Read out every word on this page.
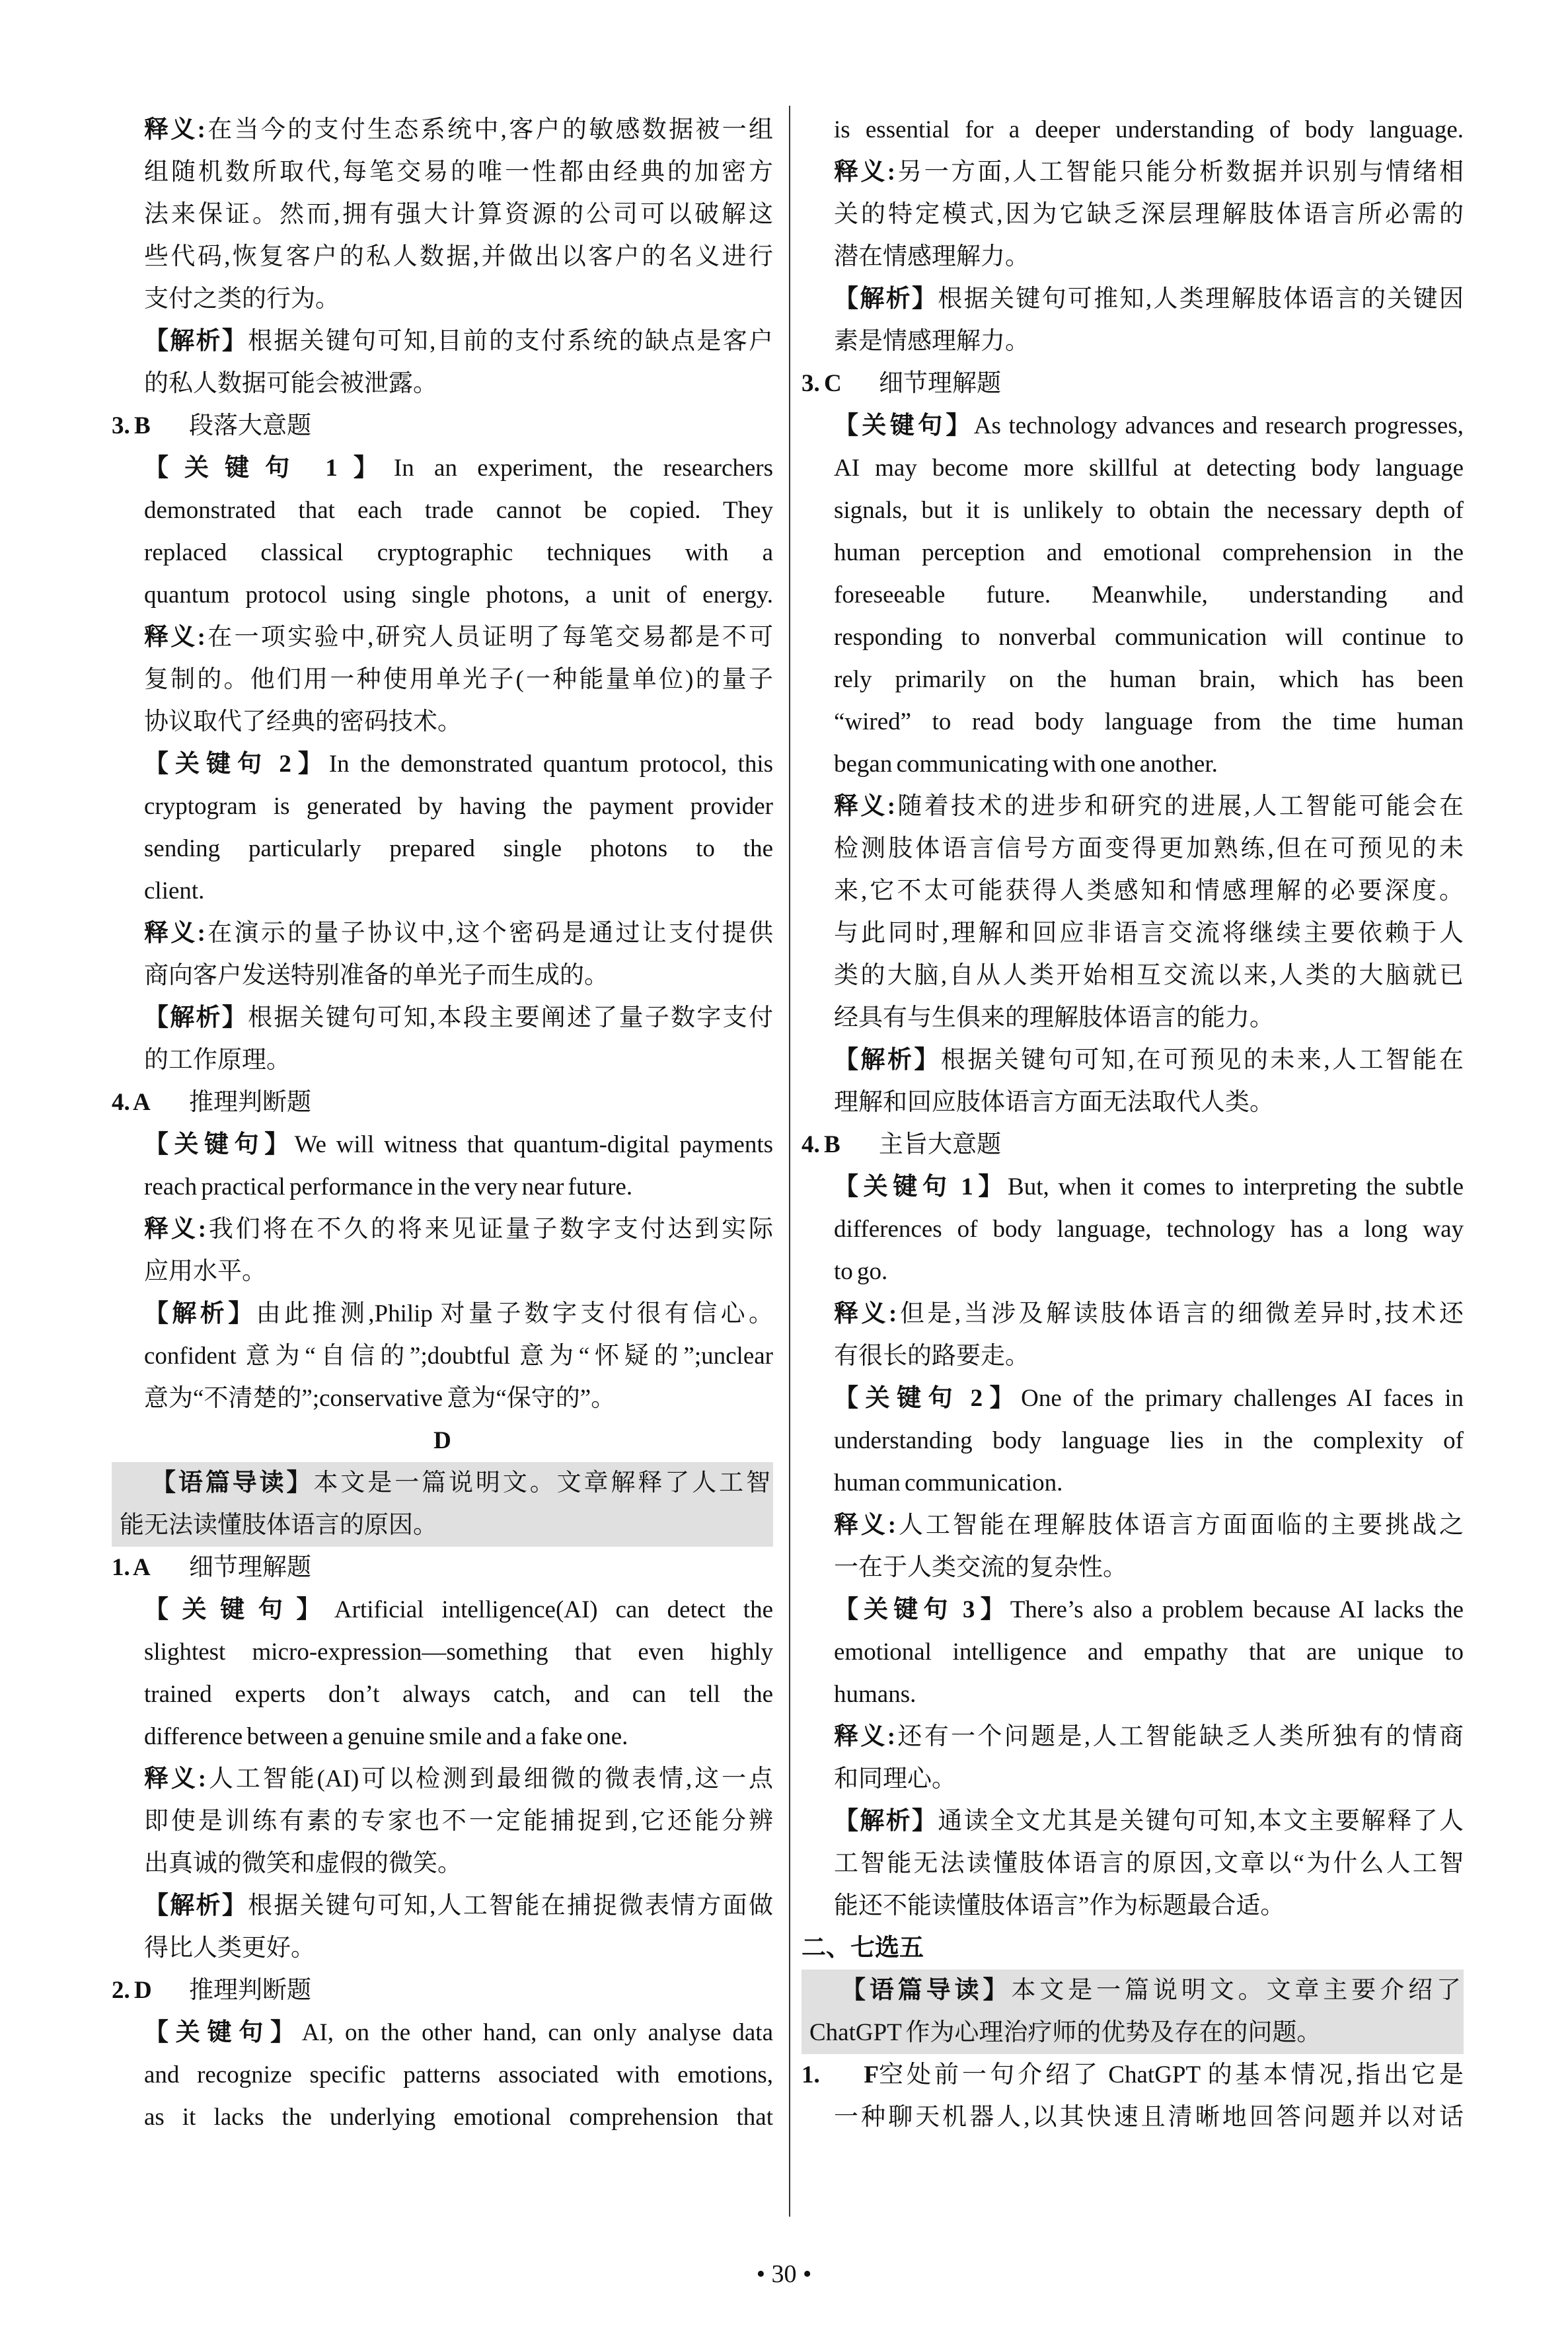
释义:在当今的支付生态系统中,客户的敏感数据被一组
组随机数所取代,每笔交易的唯一性都由经典的加密方
法来保证。然而,拥有强大计算资源的公司可以破解这
些代码,恢复客户的私人数据,并做出以客户的名义进行
支付之类的行为。
【解析】根据关键句可知,目前的支付系统的缺点是客户
的私人数据可能会被泄露。
3. B	段落大意题
【关键句 1】In an experiment, the researchers
demonstrated that each trade cannot be copied. They
replaced classical cryptographic techniques with a
quantum protocol using single photons, a unit of energy.
释义:在一项实验中,研究人员证明了每笔交易都是不可
复制的。他们用一种使用单光子(一种能量单位)的量子
协议取代了经典的密码技术。
【关键句 2】In the demonstrated quantum protocol, this
cryptogram is generated by having the payment provider
sending particularly prepared single photons to the
client.
释义:在演示的量子协议中,这个密码是通过让支付提供
商向客户发送特别准备的单光子而生成的。
【解析】根据关键句可知,本段主要阐述了量子数字支付
的工作原理。
4. A	推理判断题
【关键句】We will witness that quantum-digital payments
reach practical performance in the very near future.
释义:我们将在不久的将来见证量子数字支付达到实际
应用水平。
【解析】由此推测,Philip 对量子数字支付很有信心。
confident 意为“自信的”;doubtful 意为“怀疑的”;unclear
意为“不清楚的”;conservative 意为“保守的”。
D
【语篇导读】本文是一篇说明文。文章解释了人工智
能无法读懂肢体语言的原因。
1. A	细节理解题
【关键句】Artificial intelligence(AI) can detect the
slightest micro-expression—something that even highly
trained experts don’t always catch, and can tell the
difference between a genuine smile and a fake one.
释义:人工智能(AI)可以检测到最细微的微表情,这一点
即使是训练有素的专家也不一定能捕捉到,它还能分辨
出真诚的微笑和虚假的微笑。
【解析】根据关键句可知,人工智能在捕捉微表情方面做
得比人类更好。
2. D	推理判断题
【关键句】AI, on the other hand, can only analyse data
and recognize specific patterns associated with emotions,
as it lacks the underlying emotional comprehension that
is essential for a deeper understanding of body language.
释义:另一方面,人工智能只能分析数据并识别与情绪相
关的特定模式,因为它缺乏深层理解肢体语言所必需的
潜在情感理解力。
【解析】根据关键句可推知,人类理解肢体语言的关键因
素是情感理解力。
3. C	细节理解题
【关键句】As technology advances and research progresses,
AI may become more skillful at detecting body language
signals, but it is unlikely to obtain the necessary depth of
human perception and emotional comprehension in the
foreseeable future. Meanwhile, understanding and
responding to nonverbal communication will continue to
rely primarily on the human brain, which has been
“wired” to read body language from the time human
began communicating with one another.
释义:随着技术的进步和研究的进展,人工智能可能会在
检测肢体语言信号方面变得更加熟练,但在可预见的未
来,它不太可能获得人类感知和情感理解的必要深度。
与此同时,理解和回应非语言交流将继续主要依赖于人
类的大脑,自从人类开始相互交流以来,人类的大脑就已
经具有与生俱来的理解肢体语言的能力。
【解析】根据关键句可知,在可预见的未来,人工智能在
理解和回应肢体语言方面无法取代人类。
4. B	主旨大意题
【关键句 1】But, when it comes to interpreting the subtle
differences of body language, technology has a long way
to go.
释义:但是,当涉及解读肢体语言的细微差异时,技术还
有很长的路要走。
【关键句 2】One of the primary challenges AI faces in
understanding body language lies in the complexity of
human communication.
释义:人工智能在理解肢体语言方面面临的主要挑战之
一在于人类交流的复杂性。
【关键句 3】There’s also a problem because AI lacks the
emotional intelligence and empathy that are unique to
humans.
释义:还有一个问题是,人工智能缺乏人类所独有的情商
和同理心。
【解析】通读全文尤其是关键句可知,本文主要解释了人
工智能无法读懂肢体语言的原因,文章以“为什么人工智
能还不能读懂肢体语言”作为标题最合适。
二、七选五
【语篇导读】本文是一篇说明文。文章主要介绍了
ChatGPT 作为心理治疗师的优势及存在的问题。
1. F 空处前一句介绍了 ChatGPT 的基本情况,指出它是
一种聊天机器人,以其快速且清晰地回答问题并以对话
• 30 •
